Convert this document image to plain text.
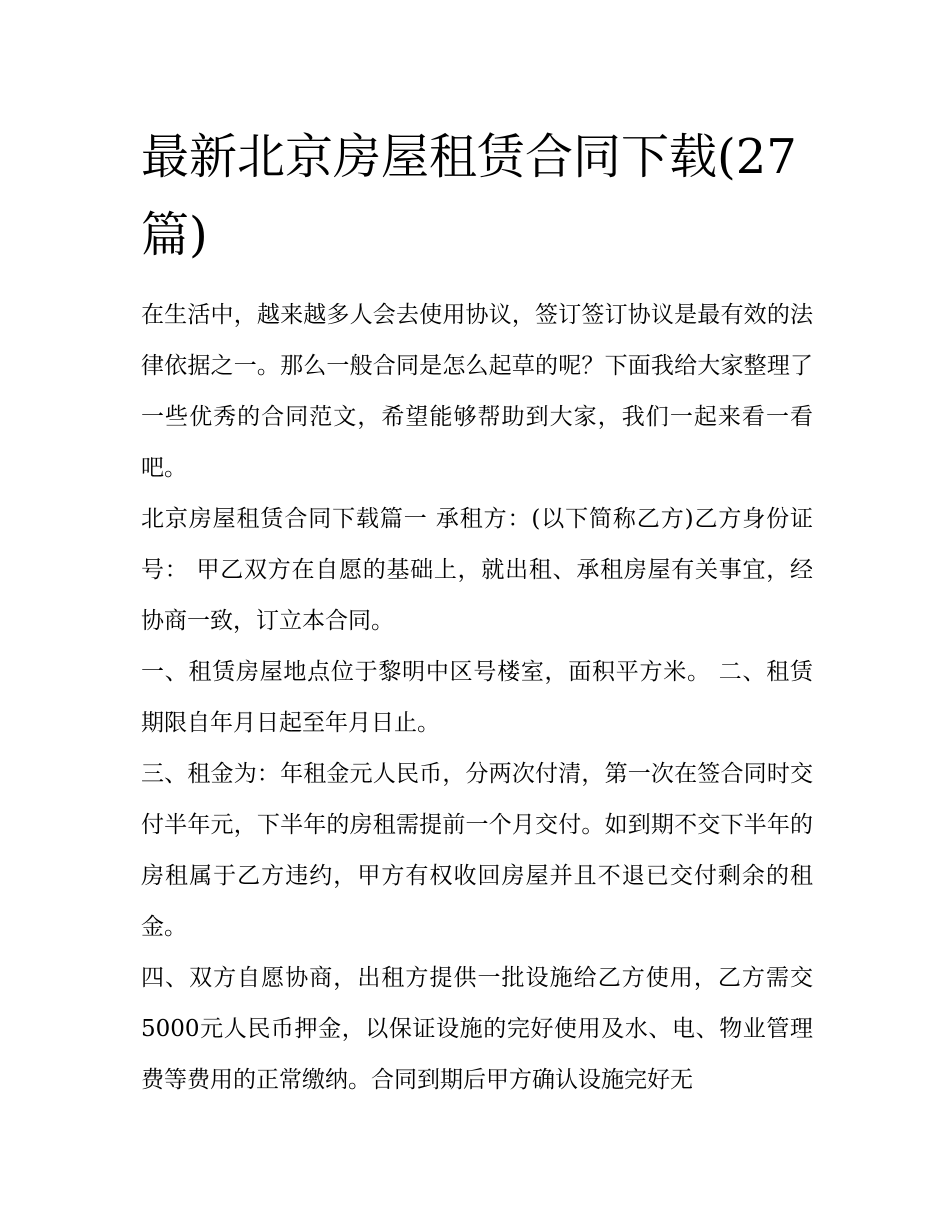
最新北京房屋租赁合同下载(27篇)

在生活中，越来越多人会去使用协议，签订签订协议是最有效的法律依据之一。那么一般合同是怎么起草的呢？下面我给大家整理了一些优秀的合同范文，希望能够帮助到大家，我们一起来看一看吧。

北京房屋租赁合同下载篇一 承租方：(以下简称乙方)乙方身份证号： 甲乙双方在自愿的基础上，就出租、承租房屋有关事宜，经协商一致，订立本合同。

一、租赁房屋地点位于黎明中区号楼室，面积平方米。 二、租赁期限自年月日起至年月日止。

三、租金为：年租金元人民币，分两次付清，第一次在签合同时交付半年元，下半年的房租需提前一个月交付。如到期不交下半年的房租属于乙方违约，甲方有权收回房屋并且不退已交付剩余的租金。

四、双方自愿协商，出租方提供一批设施给乙方使用，乙方需交5000元人民币押金，以保证设施的完好使用及水、电、物业管理费等费用的正常缴纳。合同到期后甲方确认设施完好无
